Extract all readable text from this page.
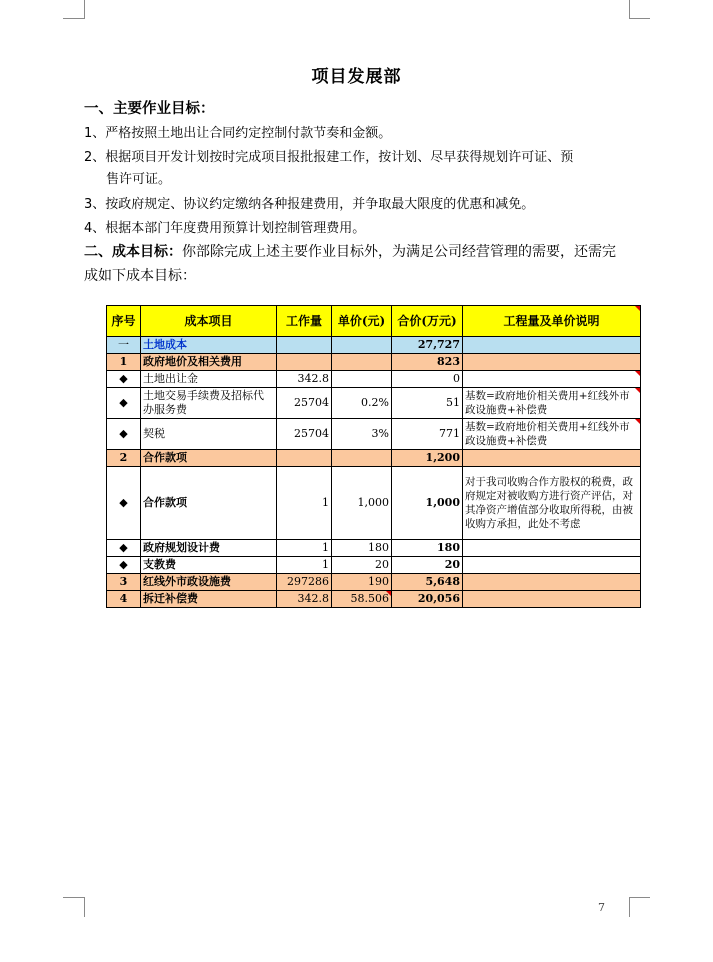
项目发展部
一、主要作业目标：
1、严格按照土地出让合同约定控制付款节奏和金额。
2、根据项目开发计划按时完成项目报批报建工作，按计划、尽早获得规划许可证、预
售许可证。
3、按政府规定、协议约定缴纳各种报建费用，并争取最大限度的优惠和减免。
4、根据本部门年度费用预算计划控制管理费用。
二、成本目标：你部除完成上述主要作业目标外，为满足公司经营管理的需要，还需完
成如下成本目标：
序号	成本项目	工作量	单价(元)	合价(万元)	工程量及单价说明
一	土地成本			27,727	
1	政府地价及相关费用			823	
◆	土地出让金	342.8		0	
◆	土地交易手续费及招标代办服务费	25704	0.2%	51	基数=政府地价相关费用+红线外市政设施费+补偿费
◆	契税	25704	3%	771	基数=政府地价相关费用+红线外市政设施费+补偿费
2	合作款项			1,200	
◆	合作款项	1	1,000	1,000	对于我司收购合作方股权的税费，政府规定对被收购方进行资产评估，对其净资产增值部分收取所得税，由被收购方承担，此处不考虑
◆	政府规划设计费	1	180	180	
◆	支教费	1	20	20	
3	红线外市政设施费	297286	190	5,648	
4	拆迁补偿费	342.8	58.506	20,056	
7
